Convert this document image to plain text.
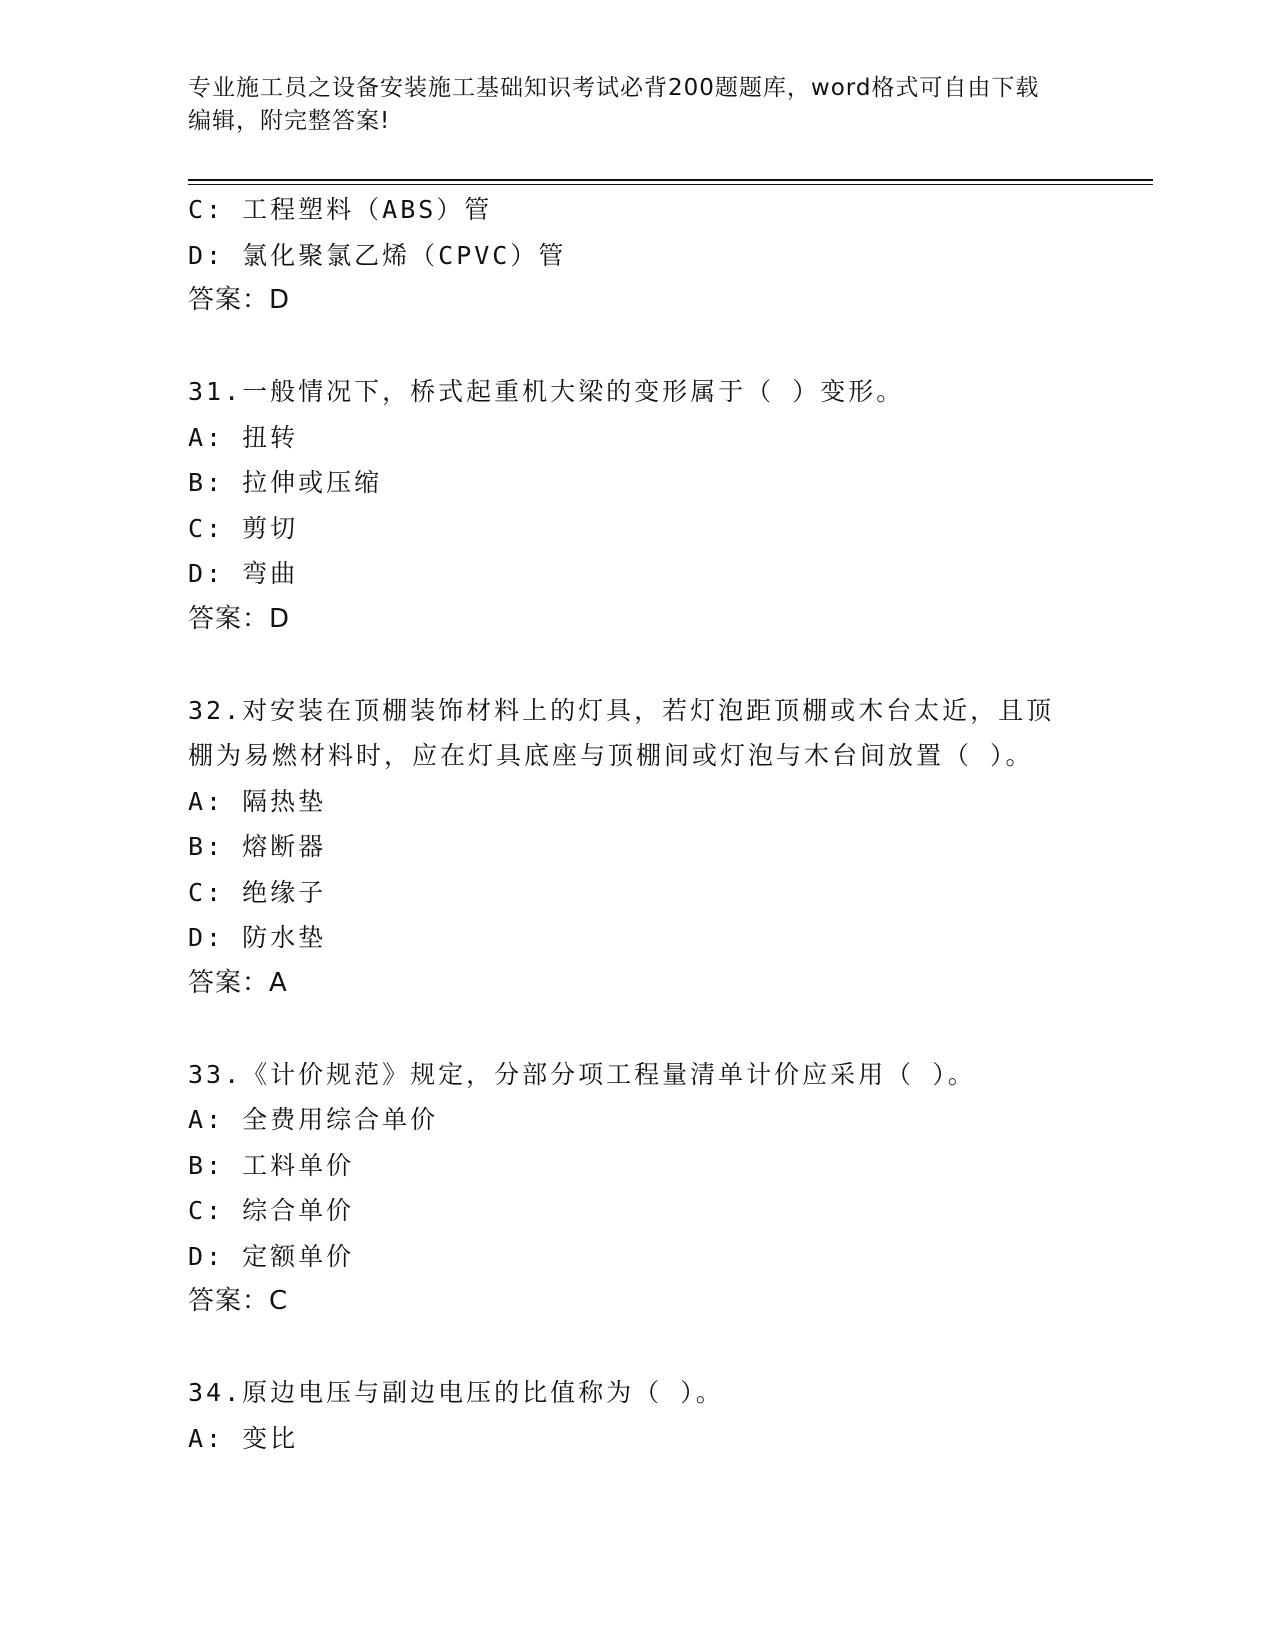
专业施工员之设备安装施工基础知识考试必背200题题库，word格式可自由下载
编辑，附完整答案!
C: 工程塑料（ABS）管
D: 氯化聚氯乙烯（CPVC）管
答案：D
31.一般情况下，桥式起重机大梁的变形属于（ ）变形。
A: 扭转
B: 拉伸或压缩
C: 剪切
D: 弯曲
答案：D
32.对安装在顶棚装饰材料上的灯具，若灯泡距顶棚或木台太近，且顶
棚为易燃材料时，应在灯具底座与顶棚间或灯泡与木台间放置（ ）。
A: 隔热垫
B: 熔断器
C: 绝缘子
D: 防水垫
答案：A
33.《计价规范》规定，分部分项工程量清单计价应采用（ ）。
A: 全费用综合单价
B: 工料单价
C: 综合单价
D: 定额单价
答案：C
34.原边电压与副边电压的比值称为（ ）。
A: 变比
